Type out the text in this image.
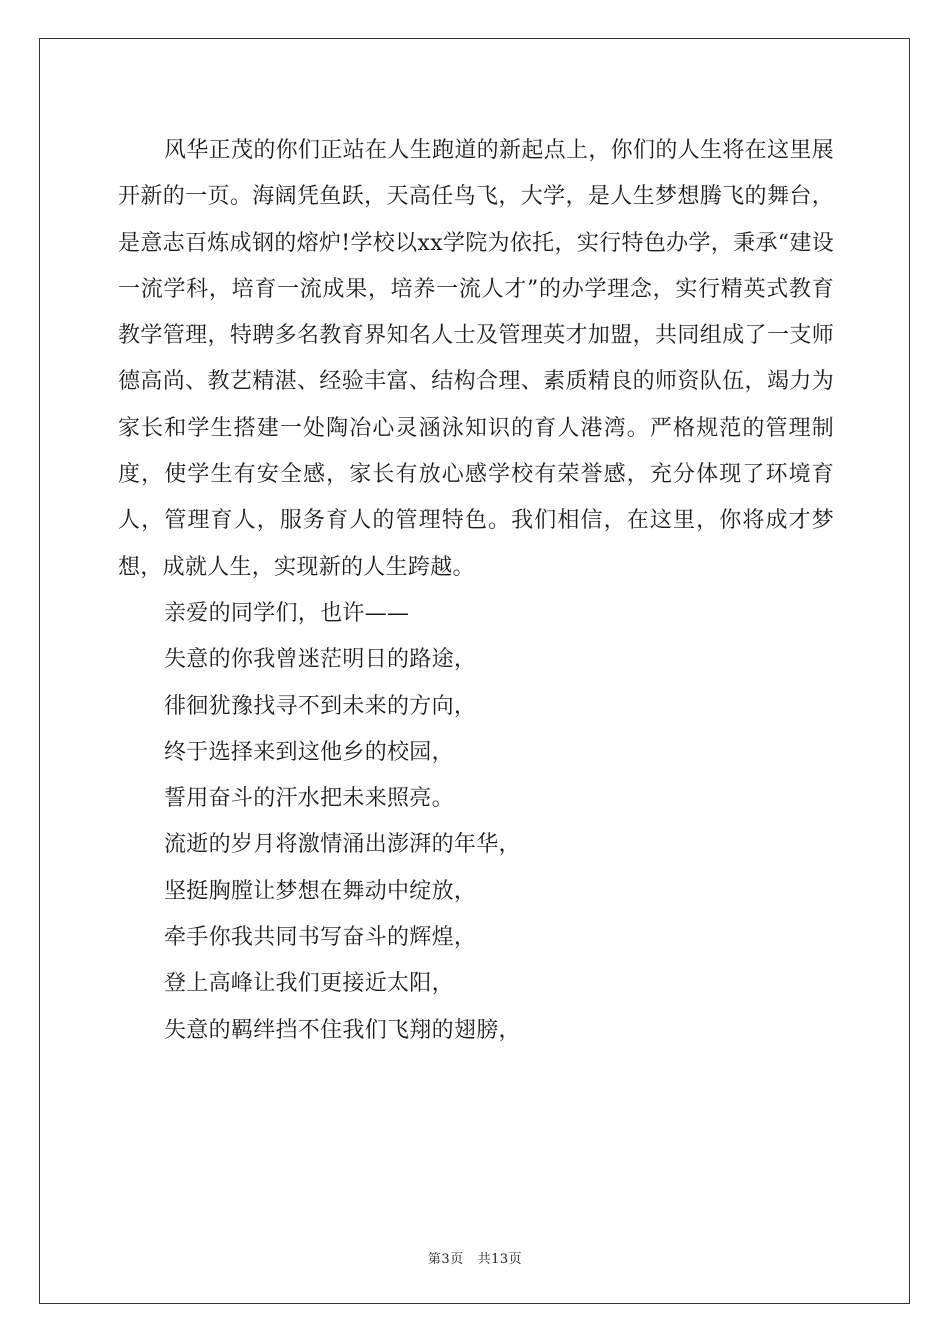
风华正茂的你们正站在人生跑道的新起点上，你们的人生将在这里展开新的一页。海阔凭鱼跃，天高任鸟飞，大学，是人生梦想腾飞的舞台，是意志百炼成钢的熔炉!学校以xx学院为依托，实行特色办学，秉承“建设一流学科，培育一流成果，培养一流人才”的办学理念，实行精英式教育教学管理，特聘多名教育界知名人士及管理英才加盟，共同组成了一支师德高尚、教艺精湛、经验丰富、结构合理、素质精良的师资队伍，竭力为家长和学生搭建一处陶冶心灵涵泳知识的育人港湾。严格规范的管理制度，使学生有安全感，家长有放心感学校有荣誉感，充分体现了环境育人，管理育人，服务育人的管理特色。我们相信，在这里，你将成才梦想，成就人生，实现新的人生跨越。

亲爱的同学们，也许——

失意的你我曾迷茫明日的路途，

徘徊犹豫找寻不到未来的方向，

终于选择来到这他乡的校园，

誓用奋斗的汗水把未来照亮。

流逝的岁月将激情涌出澎湃的年华，

坚挺胸膛让梦想在舞动中绽放，

牵手你我共同书写奋斗的辉煌，

登上高峰让我们更接近太阳，

失意的羁绊挡不住我们飞翔的翅膀，

第3页 共13页
